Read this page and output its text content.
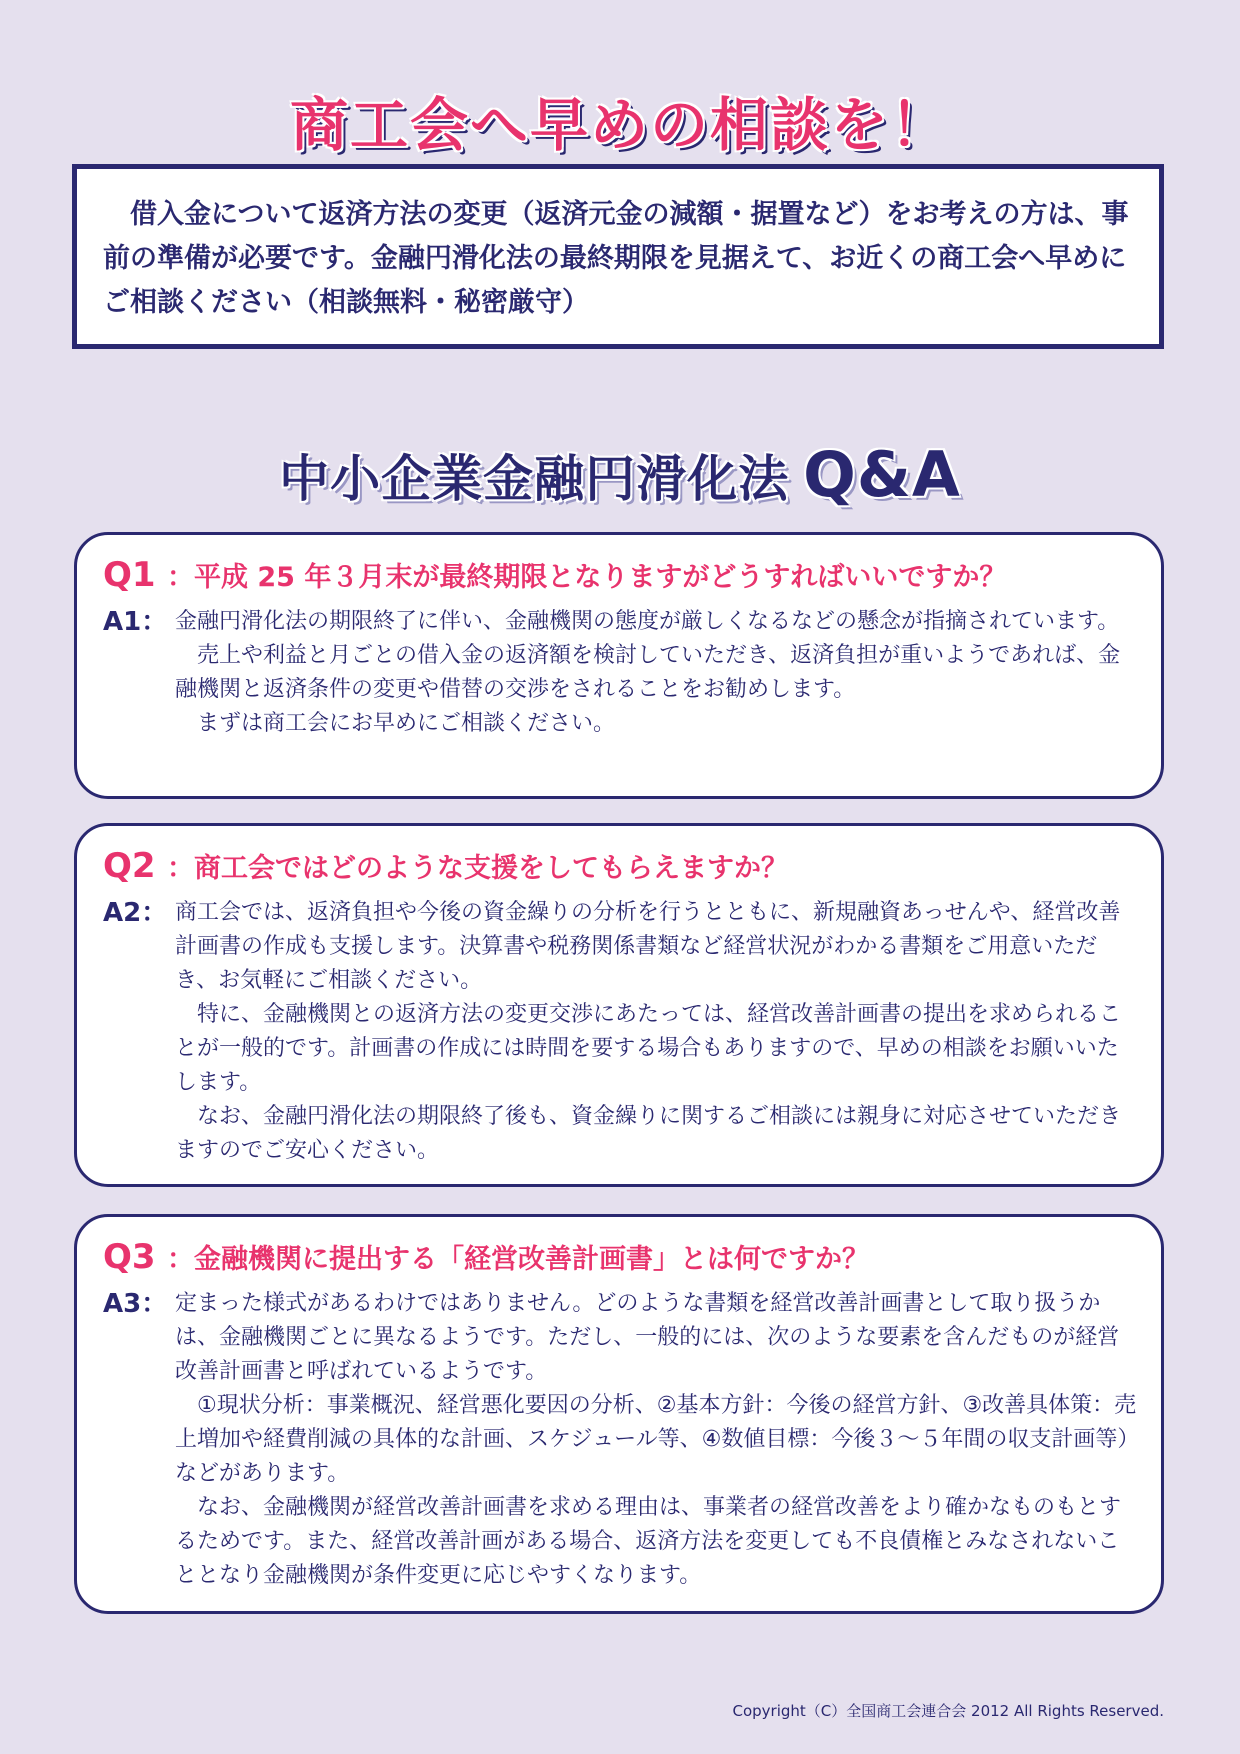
商工会へ早めの相談を！
借入金について返済方法の変更（返済元金の減額・据置など）をお考えの方は、事前の準備が必要です。金融円滑化法の最終期限を見据えて、お近くの商工会へ早めにご相談ください（相談無料・秘密厳守）
中小企業金融円滑化法 Q&A
Q1 ：平成 25 年３月末が最終期限となりますがどうすればいいですか？
A1： 金融円滑化法の期限終了に伴い、金融機関の態度が厳しくなるなどの懸念が指摘されています。

売上や利益と月ごとの借入金の返済額を検討していただき、返済負担が重いようであれば、金融機関と返済条件の変更や借替の交渉をされることをお勧めします。

まずは商工会にお早めにご相談ください。

Q2 ：商工会ではどのような支援をしてもらえますか？
A2： 商工会では、返済負担や今後の資金繰りの分析を行うとともに、新規融資あっせんや、経営改善計画書の作成も支援します。決算書や税務関係書類など経営状況がわかる書類をご用意いただき、お気軽にご相談ください。

特に、金融機関との返済方法の変更交渉にあたっては、経営改善計画書の提出を求められることが一般的です。計画書の作成には時間を要する場合もありますので、早めの相談をお願いいたします。

なお、金融円滑化法の期限終了後も、資金繰りに関するご相談には親身に対応させていただきますのでご安心ください。

Q3 ：金融機関に提出する「経営改善計画書」とは何ですか？
A3： 定まった様式があるわけではありません。どのような書類を経営改善計画書として取り扱うかは、金融機関ごとに異なるようです。ただし、一般的には、次のような要素を含んだものが経営改善計画書と呼ばれているようです。

①現状分析：事業概況、経営悪化要因の分析、②基本方針：今後の経営方針、③改善具体策：売上増加や経費削減の具体的な計画、スケジュール等、④数値目標：今後３～５年間の収支計画等）などがあります。

なお、金融機関が経営改善計画書を求める理由は、事業者の経営改善をより確かなものもとするためです。また、経営改善計画がある場合、返済方法を変更しても不良債権とみなされないこととなり金融機関が条件変更に応じやすくなります。

Copyright（C）全国商工会連合会 2012 All Rights Reserved.
